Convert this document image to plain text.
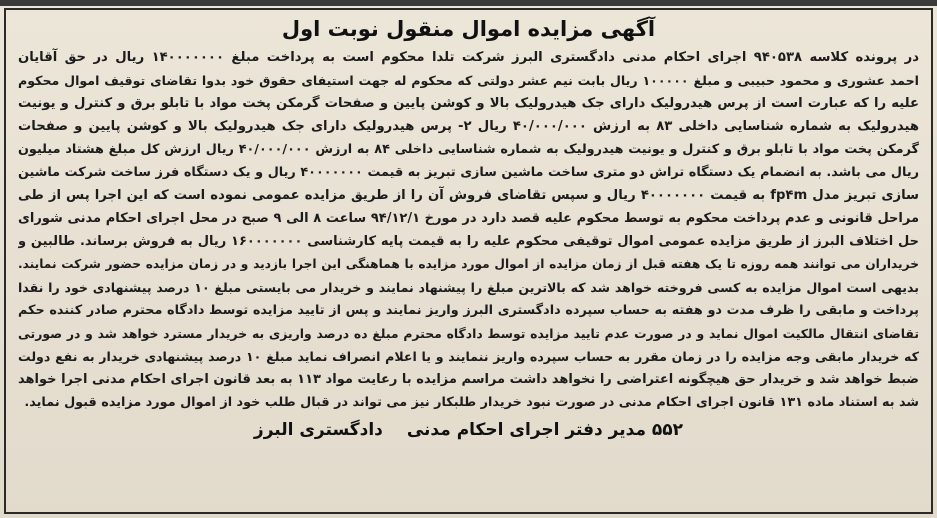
آگهی مزایده اموال منقول نوبت اول
در پرونده کلاسه ۹۴۰۵۳۸ اجرای احکام مدنی دادگستری البرز شرکت تلدا محکوم است به پرداخت مبلغ ۱۴۰۰۰۰۰۰۰ ریال در حق آقایان
احمد عشوری و محمود حبیبی و مبلغ ۱۰۰۰۰۰ ریال بابت نیم عشر دولتی که محکوم له جهت استیفای حقوق خود بدوا تقاضای توقیف اموال محکوم
علیه را که عبارت است از پرس هیدرولیک دارای جک هیدرولیک بالا و کوشن پایین و صفحات گرمکن پخت مواد با تابلو برق و کنترل و یونیت
هیدرولیک به شماره شناسایی داخلی ۸۳ به ارزش ۴۰/۰۰۰/۰۰۰ ریال ۲- پرس هیدرولیک دارای جک هیدرولیک بالا و کوشن پایین و صفحات
گرمکن پخت مواد با تابلو برق و کنترل و یونیت هیدرولیک به شماره شناسایی داخلی ۸۴ به ارزش ۴۰/۰۰۰/۰۰۰ ریال ارزش کل مبلغ هشتاد میلیون
ریال می باشد. به انضمام یک دستگاه تراش دو متری ساخت ماشین سازی تبریز به قیمت ۴۰۰۰۰۰۰۰ ریال و یک دستگاه فرز ساخت شرکت ماشین
سازی تبریز مدل fp۴m به قیمت ۴۰۰۰۰۰۰۰ ریال و سپس تقاضای فروش آن را از طریق مزایده عمومی نموده است که این اجرا پس از طی
مراحل قانونی و عدم پرداخت محکوم به توسط محکوم علیه قصد دارد در مورخ ۹۴/۱۲/۱ ساعت ۸ الی ۹ صبح در محل اجرای احکام مدنی شورای
حل اختلاف البرز از طریق مزایده عمومی اموال توقیفی محکوم علیه را به قیمت پایه کارشناسی ۱۶۰۰۰۰۰۰۰ ریال به فروش برساند. طالبین و
خریداران می توانند همه روزه تا یک هفته قبل از زمان مزایده از اموال مورد مزایده با هماهنگی این اجرا بازدید و در زمان مزایده حضور شرکت نمایند.
بدیهی است اموال مزایده به کسی فروخته خواهد شد که بالاترین مبلغ را پیشنهاد نمایند و خریدار می بایستی مبلغ ۱۰ درصد پیشنهادی خود را نقدا
پرداخت و مابقی را ظرف مدت دو هفته به حساب سپرده دادگستری البرز واریز نمایند و پس از تایید مزایده توسط دادگاه محترم صادر کننده حکم
تقاضای انتقال مالکیت اموال نماید و در صورت عدم تایید مزایده توسط دادگاه محترم مبلغ ده درصد واریزی به خریدار مسترد خواهد شد و در صورتی
که خریدار مابقی وجه مزایده را در زمان مقرر به حساب سپرده واریز ننمایند و یا اعلام انصراف نماید مبلغ ۱۰ درصد پیشنهادی خریدار به نفع دولت
ضبط خواهد شد و خریدار حق هیچگونه اعتراضی را نخواهد داشت مراسم مزایده با رعایت مواد ۱۱۳ به بعد قانون اجرای احکام مدنی اجرا خواهد
شد به استناد ماده ۱۳۱ قانون اجرای احکام مدنی در صورت نبود خریدار طلبکار نیز می تواند در قبال طلب خود از اموال مورد مزایده قبول نماید.
۵۵۲ مدیر دفتر اجرای احکام مدنی دادگستری البرز
